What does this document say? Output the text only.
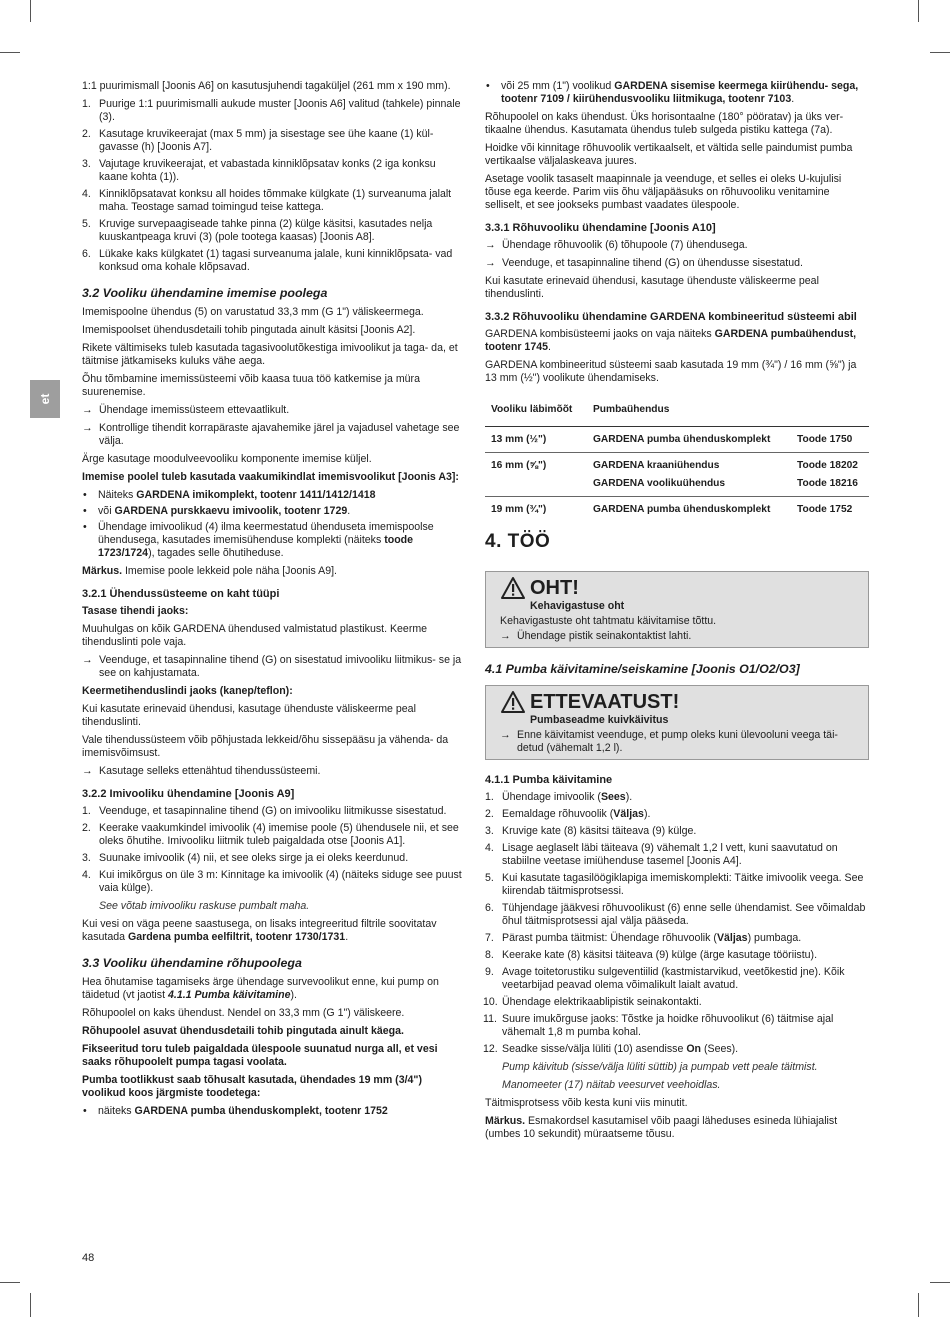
et

1:1 puurimismall [Joonis A6] on kasutusjuhendi tagaküljel (261 mm x 190 mm).

1. Puurige 1:1 puurimismalli aukude muster [Joonis A6] valitud (tahkele) pinnale (3).
2. Kasutage kruvikeerajat (max 5 mm) ja sisestage see ühe kaane (1) kül- gavasse (h) [Joonis A7].
3. Vajutage kruvikeerajat, et vabastada kinniklõpsatav konks (2 iga konksu kaane kohta (1)).
4. Kinniklõpsatavat konksu all hoides tõmmake külgkate (1) surveanuma jalalt maha. Teostage samad toimingud teise kattega.
5. Kruvige survepaagiseade tahke pinna (2) külge käsitsi, kasutades nelja kuuskantpeaga kruvi (3) (pole tootega kaasas) [Joonis A8].
6. Lükake kaks külgkatet (1) tagasi surveanuma jalale, kuni kinniklõpsata- vad konksud oma kohale klõpsavad.
3.2 Vooliku ühendamine imemise poolega

Imemispoolne ühendus (5) on varustatud 33,3 mm (G 1") väliskeermega.

Imemispoolset ühendusdetaili tohib pingutada ainult käsitsi [Joonis A2].

Rikete vältimiseks tuleb kasutada tagasivoolutõkestiga imivoolikut ja taga- da, et täitmise jätkamiseks kuluks vähe aega.

Õhu tõmbamine imemissüsteemi võib kaasa tuua töö katkemise ja müra suurenemise.

→ Ühendage imemissüsteem ettevaatlikult.

→ Kontrollige tihendit korrapäraste ajavahemike järel ja vajadusel vahetage see välja.

Ärge kasutage moodulveevooliku komponente imemise küljel.

Imemise poolel tuleb kasutada vaakumikindlat imemisvoolikut [Joonis A3]:

• Näiteks GARDENA imikomplekt, tootenr 1411/1412/1418
• või GARDENA purskkaevu imivoolik, tootenr 1729.
• Ühendage imivoolikud (4) ilma keermestatud ühenduseta imemispoolse ühendusega, kasutades imemisühenduse komplekti (näiteks toode 1723/1724), tagades selle õhutiheduse.

Märkus. Imemise poole lekkeid pole näha [Joonis A9].

3.2.1 Ühendussüsteeme on kaht tüüpi

Tasase tihendi jaoks:

Muuhulgas on kõik GARDENA ühendused valmistatud plastikust. Keerme tihenduslinti pole vaja.

→ Veenduge, et tasapinnaline tihend (G) on sisestatud imivooliku liitmikus- se ja see on kahjustamata.

Keermetihenduslindi jaoks (kanep/teflon):

Kui kasutate erinevaid ühendusi, kasutage ühenduste väliskeerme peal tihenduslinti.

Vale tihendussüsteem võib põhjustada lekkeid/õhu sissepääsu ja vähenda- da imemisvõimsust.

→ Kasutage selleks ettenähtud tihendussüsteemi.

3.2.2 Imivooliku ühendamine [Joonis A9]
1. Veenduge, et tasapinnaline tihend (G) on imivooliku liitmikusse sisestatud.
2. Keerake vaakumkindel imivoolik (4) imemise poole (5) ühendusele nii, et see oleks õhutihe. Imivooliku liitmik tuleb paigaldada otse [Joonis A1].
3. Suunake imivoolik (4) nii, et see oleks sirge ja ei oleks keerdunud.
4. Kui imikõrgus on üle 3 m: Kinnitage ka imivoolik (4) (näiteks siduge see puust vaia külge).

See võtab imivooliku raskuse pumbalt maha.

Kui vesi on väga peene saastusega, on lisaks integreeritud filtrile soovitatav kasutada Gardena pumba eelfiltrit, tootenr 1730/1731.

3.3 Vooliku ühendamine rõhupoolega

Hea õhutamise tagamiseks ärge ühendage survevoolikut enne, kui pump on täidetud (vt jaotist 4.1.1 Pumba käivitamine).

Rõhupoolel on kaks ühendust. Nendel on 33,3 mm (G 1") väliskeere.

Rõhupoolel asuvat ühendusdetaili tohib pingutada ainult käega.

Fikseeritud toru tuleb paigaldada ülespoole suunatud nurga all, et vesi saaks rõhupoolelt pumpa tagasi voolata.

Pumba tootlikkust saab tõhusalt kasutada, ühendades 19 mm (3/4") voolikud koos järgmiste toodetega:

• näiteks GARDENA pumba ühenduskomplekt, tootenr 1752
• või 25 mm (1") voolikud GARDENA sisemise keermega kiirühendu- sega, tootenr 7109 / kiirühendusvooliku liitmikuga, tootenr 7103.

Rõhupoolel on kaks ühendust. Üks horisontaalne (180° pööratav) ja üks ver- tikaalne ühendus. Kasutamata ühendus tuleb sulgeda pistiku kattega (7a).

Hoidke või kinnitage rõhuvoolik vertikaalselt, et vältida selle paindumist pumba vertikaalse väljalaskeava juures.

Asetage voolik tasaselt maapinnale ja veenduge, et selles ei oleks U-kujulisi tõuse ega keerde. Parim viis õhu väljapääsuks on rõhuvooliku venitamine selliselt, et see jookseks pumbast vaadates ülespoole.

3.3.1 Rõhuvooliku ühendamine [Joonis A10]

→ Ühendage rõhuvoolik (6) tõhupoole (7) ühendusega.

→ Veenduge, et tasapinnaline tihend (G) on ühendusse sisestatud.

Kui kasutate erinevaid ühendusi, kasutage ühenduste väliskeerme peal tihenduslinti.

3.3.2 Rõhuvooliku ühendamine GARDENA kombineeritud süsteemi abil

GARDENA kombisüsteemi jaoks on vaja näiteks GARDENA pumbaühendust, tootenr 1745.

GARDENA kombineeritud süsteemi saab kasutada 19 mm (¾") / 16 mm (⅝") ja 13 mm (½") voolikute ühendamiseks.

Vooliku läbimõõt	Pumbaühendus	
13 mm (½")	GARDENA pumba ühenduskomplekt	Toode 1750
16 mm (⅝")	GARDENA kraaniühendus	Toode 18202
	GARDENA voolikuühendus	Toode 18216
19 mm (¾")	GARDENA pumba ühenduskomplekt	Toode 1752
4. TÖÖ
OHT!
Kehavigastuse oht

Kehavigastuste oht tahtmatu käivitamise tõttu.

→ Ühendage pistik seinakontaktist lahti.

4.1 Pumba käivitamine/seiskamine [Joonis O1/O2/O3]
ETTEVAATUST!
Pumbaseadme kuivkäivitus

→ Enne käivitamist veenduge, et pump oleks kuni ülevooluni veega täi- detud (vähemalt 1,2 l).

4.1.1 Pumba käivitamine
1. Ühendage imivoolik (Sees).
2. Eemaldage rõhuvoolik (Väljas).
3. Kruvige kate (8) käsitsi täiteava (9) külge.
4. Lisage aeglaselt läbi täiteava (9) vähemalt 1,2 l vett, kuni saavutatud on stabiilne veetase imiühenduse tasemel [Joonis A4].
5. Kui kasutate tagasilöögiklapiga imemiskomplekti: Täitke imivoolik veega. See kiirendab täitmisprotsessi.
6. Tühjendage jääkvesi rõhuvoolikust (6) enne selle ühendamist. See võimaldab õhul täitmisprotsessi ajal välja pääseda.
7. Pärast pumba täitmist: Ühendage rõhuvoolik (Väljas) pumbaga.
8. Keerake kate (8) käsitsi täiteava (9) külge (ärge kasutage tööriistu).
9. Avage toitetorustiku sulgeventiilid (kastmistarvikud, veetõkestid jne). Kõik veetarbijad peavad olema võimalikult laialt avatud.
10. Ühendage elektrikaablipistik seinakontakti.
11. Suure imukõrguse jaoks: Tõstke ja hoidke rõhuvoolikut (6) täitmise ajal vähemalt 1,8 m pumba kohal.
12. Seadke sisse/välja lüliti (10) asendisse On (Sees).

Pump käivitub (sisse/välja lüliti süttib) ja pumpab vett peale täitmist.

Manomeeter (17) näitab veesurvet veehoidlas.

Täitmisprotsess võib kesta kuni viis minutit.

Märkus. Esmakordsel kasutamisel võib paagi läheduses esineda lühiajalist (umbes 10 sekundit) müraatseme tõusu.

48
